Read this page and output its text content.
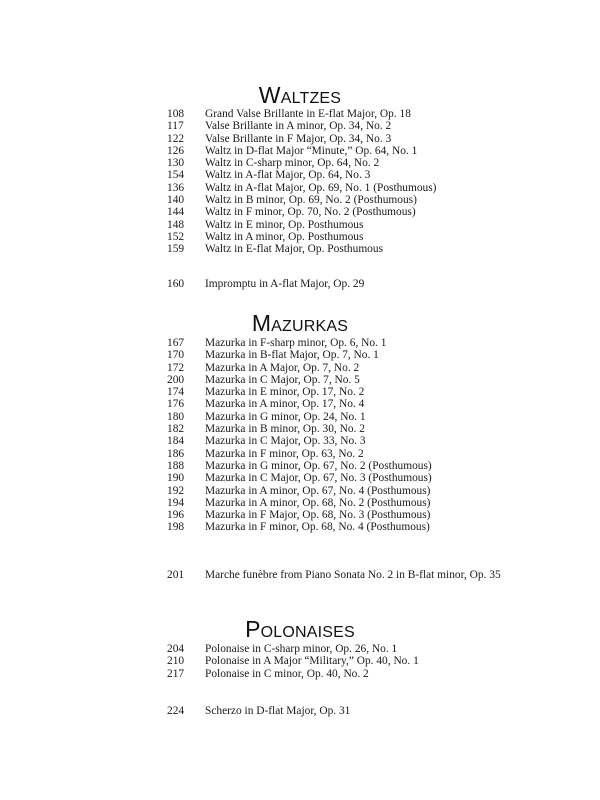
Waltzes
108	Grand Valse Brillante in E-flat Major, Op. 18
117	Valse Brillante in A minor, Op. 34, No. 2
122	Valse Brillante in F Major, Op. 34, No. 3
126	Waltz in D-flat Major “Minute,” Op. 64, No. 1
130	Waltz in C-sharp minor, Op. 64, No. 2
154	Waltz in A-flat Major, Op. 64, No. 3
136	Waltz in A-flat Major, Op. 69, No. 1 (Posthumous)
140	Waltz in B minor, Op. 69, No. 2 (Posthumous)
144	Waltz in F minor, Op. 70, No. 2 (Posthumous)
148	Waltz in E minor, Op. Posthumous
152	Waltz in A minor, Op. Posthumous
159	Waltz in E-flat Major, Op. Posthumous
160	Impromptu in A-flat Major, Op. 29
Mazurkas
167	Mazurka in F-sharp minor, Op. 6, No. 1
170	Mazurka in B-flat Major, Op. 7, No. 1
172	Mazurka in A Major, Op. 7, No. 2
200	Mazurka in C Major, Op. 7, No. 5
174	Mazurka in E minor, Op. 17, No. 2
176	Mazurka in A minor, Op. 17, No. 4
180	Mazurka in G minor, Op. 24, No. 1
182	Mazurka in B minor, Op. 30, No. 2
184	Mazurka in C Major, Op. 33, No. 3
186	Mazurka in F minor, Op. 63, No. 2
188	Mazurka in G minor, Op. 67, No. 2 (Posthumous)
190	Mazurka in C Major, Op. 67, No. 3 (Posthumous)
192	Mazurka in A minor, Op. 67, No. 4 (Posthumous)
194	Mazurka in A minor, Op. 68, No. 2 (Posthumous)
196	Mazurka in F Major, Op. 68, No. 3 (Posthumous)
198	Mazurka in F minor, Op. 68, No. 4 (Posthumous)
201	Marche funèbre from Piano Sonata No. 2 in B-flat minor, Op. 35
Polonaises
204	Polonaise in C-sharp minor, Op. 26, No. 1
210	Polonaise in A Major “Military,” Op. 40, No. 1
217	Polonaise in C minor, Op. 40, No. 2
224	Scherzo in D-flat Major, Op. 31
